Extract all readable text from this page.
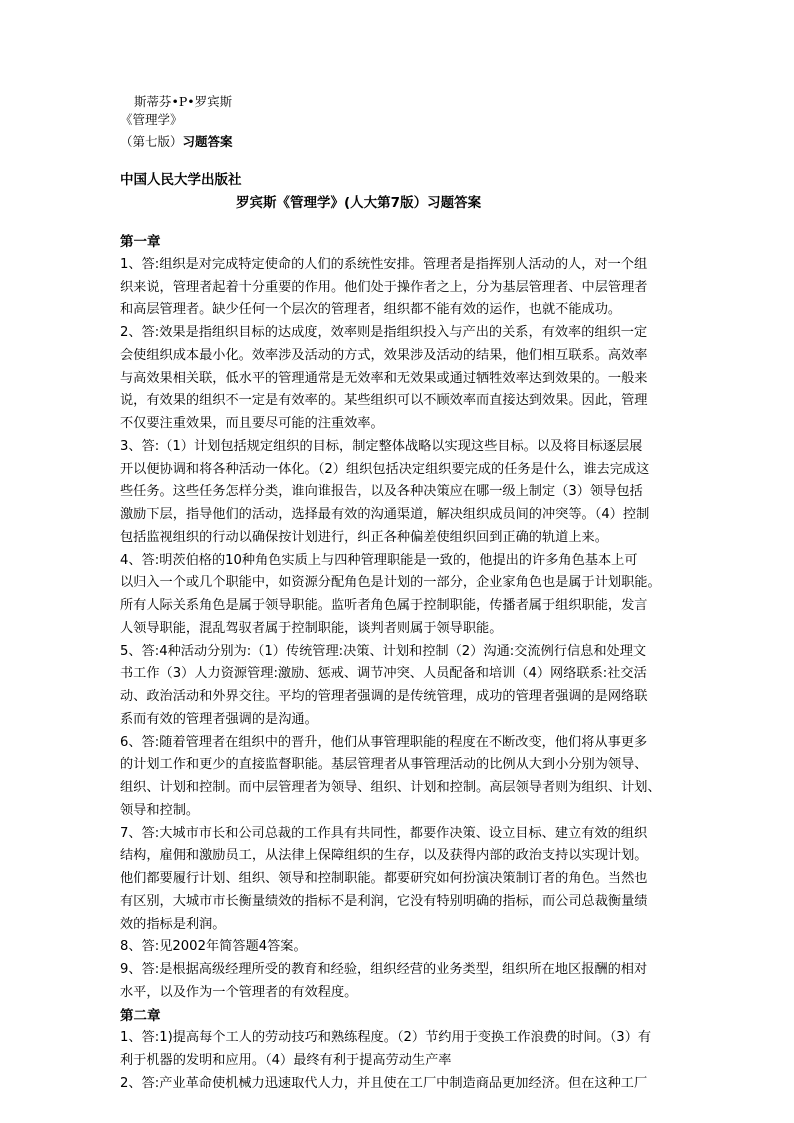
斯蒂芬•P•罗宾斯
《管理学》
（第七版）习题答案
中国人民大学出版社
罗宾斯《管理学》(人大第7版）习题答案
第一章
1、答:组织是对完成特定使命的人们的系统性安排。管理者是指挥别人活动的人，对一个组
织来说，管理者起着十分重要的作用。他们处于操作者之上，分为基层管理者、中层管理者
和高层管理者。缺少任何一个层次的管理者，组织都不能有效的运作，也就不能成功。
2、答:效果是指组织目标的达成度，效率则是指组织投入与产出的关系，有效率的组织一定
会使组织成本最小化。效率涉及活动的方式，效果涉及活动的结果，他们相互联系。高效率
与高效果相关联，低水平的管理通常是无效率和无效果或通过牺牲效率达到效果的。一般来
说，有效果的组织不一定是有效率的。某些组织可以不顾效率而直接达到效果。因此，管理
不仅要注重效果，而且要尽可能的注重效率。
3、答:（1）计划包括规定组织的目标，制定整体战略以实现这些目标。以及将目标逐层展
开以便协调和将各种活动一体化。（2）组织包括决定组织要完成的任务是什么，谁去完成这
些任务。这些任务怎样分类，谁向谁报告，以及各种决策应在哪一级上制定（3）领导包括
激励下层，指导他们的活动，选择最有效的沟通渠道，解决组织成员间的冲突等。（4）控制
包括监视组织的行动以确保按计划进行，纠正各种偏差使组织回到正确的轨道上来。
4、答:明茨伯格的10种角色实质上与四种管理职能是一致的，他提出的许多角色基本上可
以归入一个或几个职能中，如资源分配角色是计划的一部分，企业家角色也是属于计划职能。
所有人际关系角色是属于领导职能。监听者角色属于控制职能，传播者属于组织职能，发言
人领导职能，混乱驾驭者属于控制职能，谈判者则属于领导职能。
5、答:4种活动分别为:（1）传统管理:决策、计划和控制（2）沟通:交流例行信息和处理文
书工作（3）人力资源管理:激励、惩戒、调节冲突、人员配备和培训（4）网络联系:社交活
动、政治活动和外界交往。平均的管理者强调的是传统管理，成功的管理者强调的是网络联
系而有效的管理者强调的是沟通。
6、答:随着管理者在组织中的晋升，他们从事管理职能的程度在不断改变，他们将从事更多
的计划工作和更少的直接监督职能。基层管理者从事管理活动的比例从大到小分别为领导、
组织、计划和控制。而中层管理者为领导、组织、计划和控制。高层领导者则为组织、计划、
领导和控制。
7、答:大城市市长和公司总裁的工作具有共同性，都要作决策、设立目标、建立有效的组织
结构，雇佣和激励员工，从法律上保障组织的生存，以及获得内部的政治支持以实现计划。
他们都要履行计划、组织、领导和控制职能。都要研究如何扮演决策制订者的角色。当然也
有区别，大城市市长衡量绩效的指标不是利润，它没有特别明确的指标，而公司总裁衡量绩
效的指标是利润。
8、答:见2002年简答题4答案。
9、答:是根据高级经理所受的教育和经验，组织经营的业务类型，组织所在地区报酬的相对
水平，以及作为一个管理者的有效程度。
第二章
1、答:1)提高每个工人的劳动技巧和熟练程度。（2）节约用于变换工作浪费的时间。（3）有
利于机器的发明和应用。（4）最终有利于提高劳动生产率
2、答:产业革命使机械力迅速取代人力，并且使在工厂中制造商品更加经济。但在这种工厂
